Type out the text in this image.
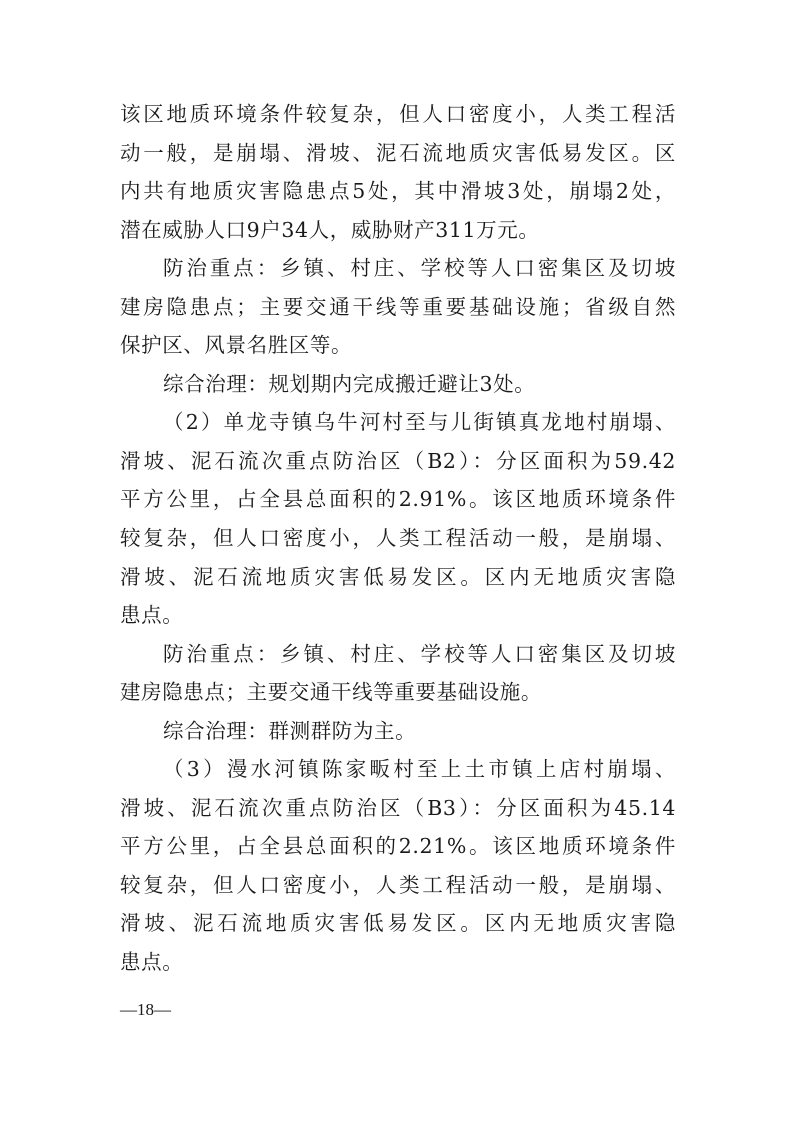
该区地质环境条件较复杂，但人口密度小，人类工程活
动一般，是崩塌、滑坡、泥石流地质灾害低易发区。区
内共有地质灾害隐患点5处，其中滑坡3处，崩塌2处，
潜在威胁人口9户34人，威胁财产311万元。
防治重点：乡镇、村庄、学校等人口密集区及切坡
建房隐患点；主要交通干线等重要基础设施；省级自然
保护区、风景名胜区等。
综合治理：规划期内完成搬迁避让3处。
（2）单龙寺镇乌牛河村至与儿街镇真龙地村崩塌、
滑坡、泥石流次重点防治区（B2）：分区面积为59.42
平方公里，占全县总面积的2.91%。该区地质环境条件
较复杂，但人口密度小，人类工程活动一般，是崩塌、
滑坡、泥石流地质灾害低易发区。区内无地质灾害隐
患点。
防治重点：乡镇、村庄、学校等人口密集区及切坡
建房隐患点；主要交通干线等重要基础设施。
综合治理：群测群防为主。
（3）漫水河镇陈家畈村至上土市镇上店村崩塌、
滑坡、泥石流次重点防治区（B3）：分区面积为45.14
平方公里，占全县总面积的2.21%。该区地质环境条件
较复杂，但人口密度小，人类工程活动一般，是崩塌、
滑坡、泥石流地质灾害低易发区。区内无地质灾害隐
患点。
—18—
